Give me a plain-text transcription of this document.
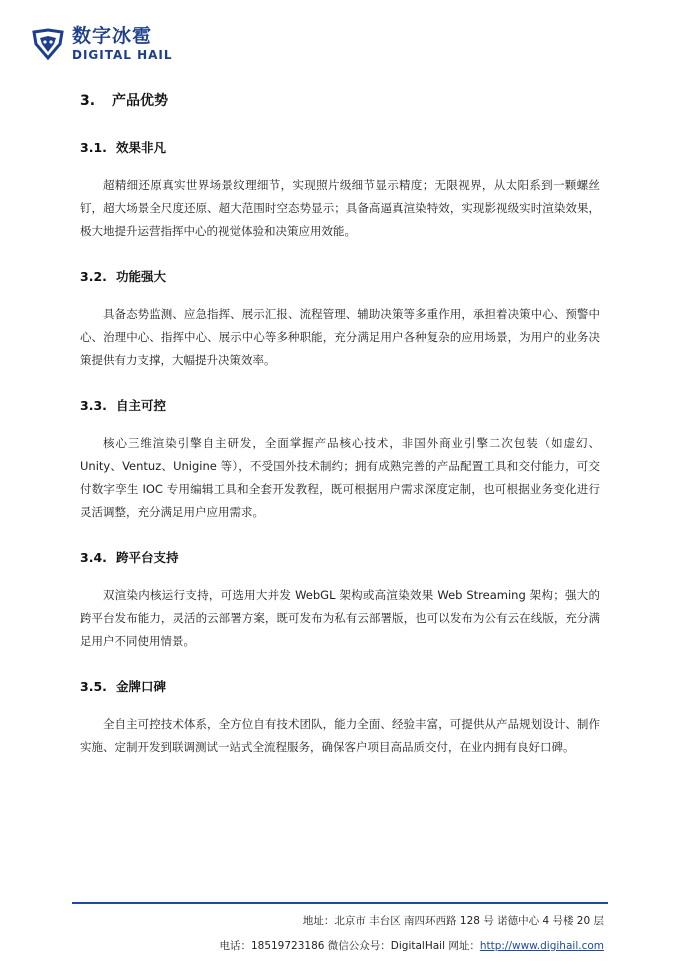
数字冰雹
DIGITAL HAIL
3. 产品优势
3.1. 效果非凡

超精细还原真实世界场景纹理细节，实现照片级细节显示精度；无限视界，从太阳系到一颗螺丝钉，超大场景全尺度还原、超大范围时空态势显示；具备高逼真渲染特效，实现影视级实时渲染效果，极大地提升运营指挥中心的视觉体验和决策应用效能。

3.2. 功能强大

具备态势监测、应急指挥、展示汇报、流程管理、辅助决策等多重作用，承担着决策中心、预警中心、治理中心、指挥中心、展示中心等多种职能，充分满足用户各种复杂的应用场景，为用户的业务决策提供有力支撑，大幅提升决策效率。

3.3. 自主可控

核心三维渲染引擎自主研发，全面掌握产品核心技术，非国外商业引擎二次包装（如虚幻、Unity、Ventuz、Unigine 等），不受国外技术制约；拥有成熟完善的产品配置工具和交付能力，可交付数字孪生 IOC 专用编辑工具和全套开发教程，既可根据用户需求深度定制，也可根据业务变化进行灵活调整，充分满足用户应用需求。

3.4. 跨平台支持

双渲染内核运行支持，可选用大并发 WebGL 架构或高渲染效果 Web Streaming 架构；强大的跨平台发布能力，灵活的云部署方案，既可发布为私有云部署版，也可以发布为公有云在线版，充分满足用户不同使用情景。

3.5. 金牌口碑

全自主可控技术体系，全方位自有技术团队，能力全面、经验丰富，可提供从产品规划设计、制作实施、定制开发到联调测试一站式全流程服务，确保客户项目高品质交付，在业内拥有良好口碑。

地址：北京市 丰台区 南四环西路 128 号 诺德中心 4 号楼 20 层
电话：18519723186 微信公众号：DigitalHail 网址：http://www.digihail.com
